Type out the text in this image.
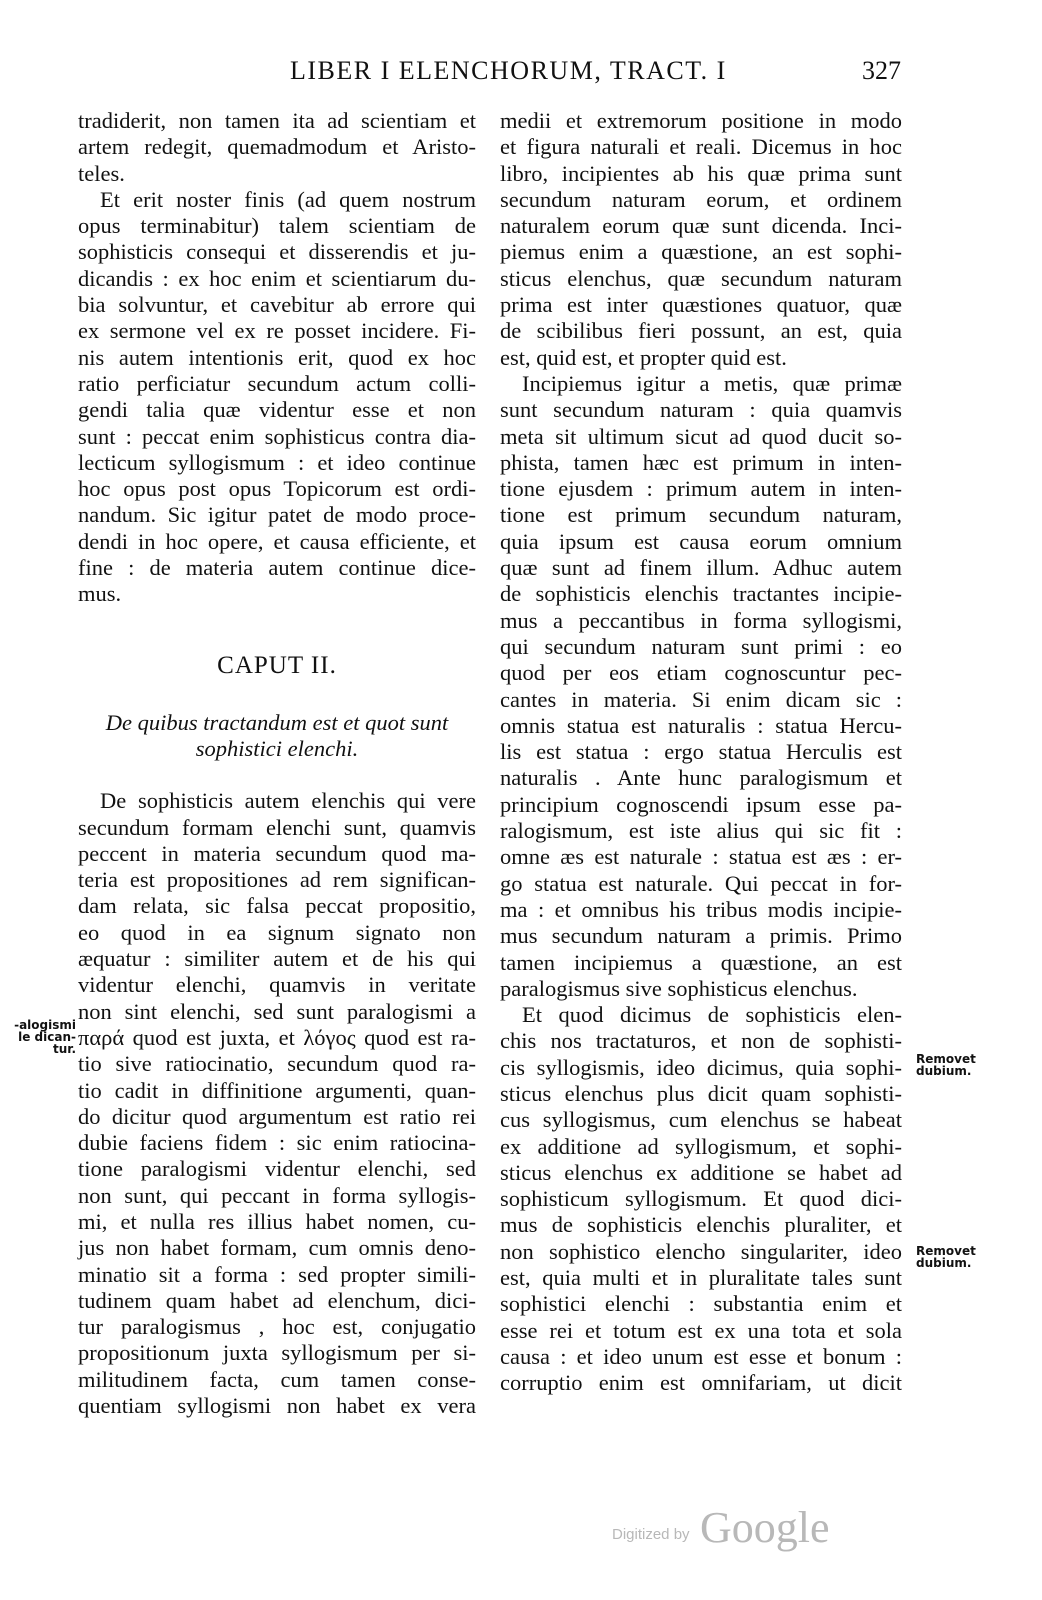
LIBER I ELENCHORUM, TRACT. I	327
tradiderit, non tamen ita ad scientiam et
artem redegit, quemadmodum et Aristo-
teles.
Et erit noster finis (ad quem nostrum
opus terminabitur) talem scientiam de
sophisticis consequi et disserendis et ju-
dicandis : ex hoc enim et scientiarum du-
bia solvuntur, et cavebitur ab errore qui
ex sermone vel ex re posset incidere. Fi-
nis autem intentionis erit, quod ex hoc
ratio perficiatur secundum actum colli-
gendi talia quæ videntur esse et non
sunt : peccat enim sophisticus contra dia-
lecticum syllogismum : et ideo continue
hoc opus post opus Topicorum est ordi-
nandum. Sic igitur patet de modo proce-
dendi in hoc opere, et causa efficiente, et
fine : de materia autem continue dice-
mus.
CAPUT II.
De quibus tractandum est et quot sunt
sophistici elenchi.
De sophisticis autem elenchis qui vere
secundum formam elenchi sunt, quamvis
peccent in materia secundum quod ma-
teria est propositiones ad rem significan-
dam relata, sic falsa peccat propositio,
eo quod in ea signum signato non
æquatur : similiter autem et de his qui
videntur elenchi, quamvis in veritate
non sint elenchi, sed sunt paralogismi a
παρά quod est juxta, et λόγος quod est ra-
tio sive ratiocinatio, secundum quod ra-
tio cadit in diffinitione argumenti, quan-
do dicitur quod argumentum est ratio rei
dubie faciens fidem : sic enim ratiocina-
tione paralogismi videntur elenchi, sed
non sunt, qui peccant in forma syllogis-
mi, et nulla res illius habet nomen, cu-
jus non habet formam, cum omnis deno-
minatio sit a forma : sed propter simili-
tudinem quam habet ad elenchum, dici-
tur paralogismus , hoc est, conjugatio
propositionum juxta syllogismum per si-
militudinem facta, cum tamen conse-
quentiam syllogismi non habet ex vera
medii et extremorum positione in modo
et figura naturali et reali. Dicemus in hoc
libro, incipientes ab his quæ prima sunt
secundum naturam eorum, et ordinem
naturalem eorum quæ sunt dicenda. Inci-
piemus enim a quæstione, an est sophi-
sticus elenchus, quæ secundum naturam
prima est inter quæstiones quatuor, quæ
de scibilibus fieri possunt, an est, quia
est, quid est, et propter quid est.
Incipiemus igitur a metis, quæ primæ
sunt secundum naturam : quia quamvis
meta sit ultimum sicut ad quod ducit so-
phista, tamen hæc est primum in inten-
tione ejusdem : primum autem in inten-
tione est primum secundum naturam,
quia ipsum est causa eorum omnium
quæ sunt ad finem illum. Adhuc autem
de sophisticis elenchis tractantes incipie-
mus a peccantibus in forma syllogismi,
qui secundum naturam sunt primi : eo
quod per eos etiam cognoscuntur pec-
cantes in materia. Si enim dicam sic :
omnis statua est naturalis : statua Hercu-
lis est statua : ergo statua Herculis est
naturalis . Ante hunc paralogismum et
principium cognoscendi ipsum esse pa-
ralogismum, est iste alius qui sic fit :
omne æs est naturale : statua est æs : er-
go statua est naturale. Qui peccat in for-
ma : et omnibus his tribus modis incipie-
mus secundum naturam a primis. Primo
tamen incipiemus a quæstione, an est
paralogismus sive sophisticus elenchus.
Et quod dicimus de sophisticis elen-
chis nos tractaturos, et non de sophisti-
cis syllogismis, ideo dicimus, quia sophi-
sticus elenchus plus dicit quam sophisti-
cus syllogismus, cum elenchus se habeat
ex additione ad syllogismum, et sophi-
sticus elenchus ex additione se habet ad
sophisticum syllogismum. Et quod dici-
mus de sophisticis elenchis pluraliter, et
non sophistico elencho singulariter, ideo
est, quia multi et in pluralitate tales sunt
sophistici elenchi : substantia enim et
esse rei et totum est ex una tota et sola
causa : et ideo unum est esse et bonum :
corruptio enim est omnifariam, ut dicit
-alogismi
le dican-
tur.
Removet
dubium.
Removet
dubium.
Digitized by Google
